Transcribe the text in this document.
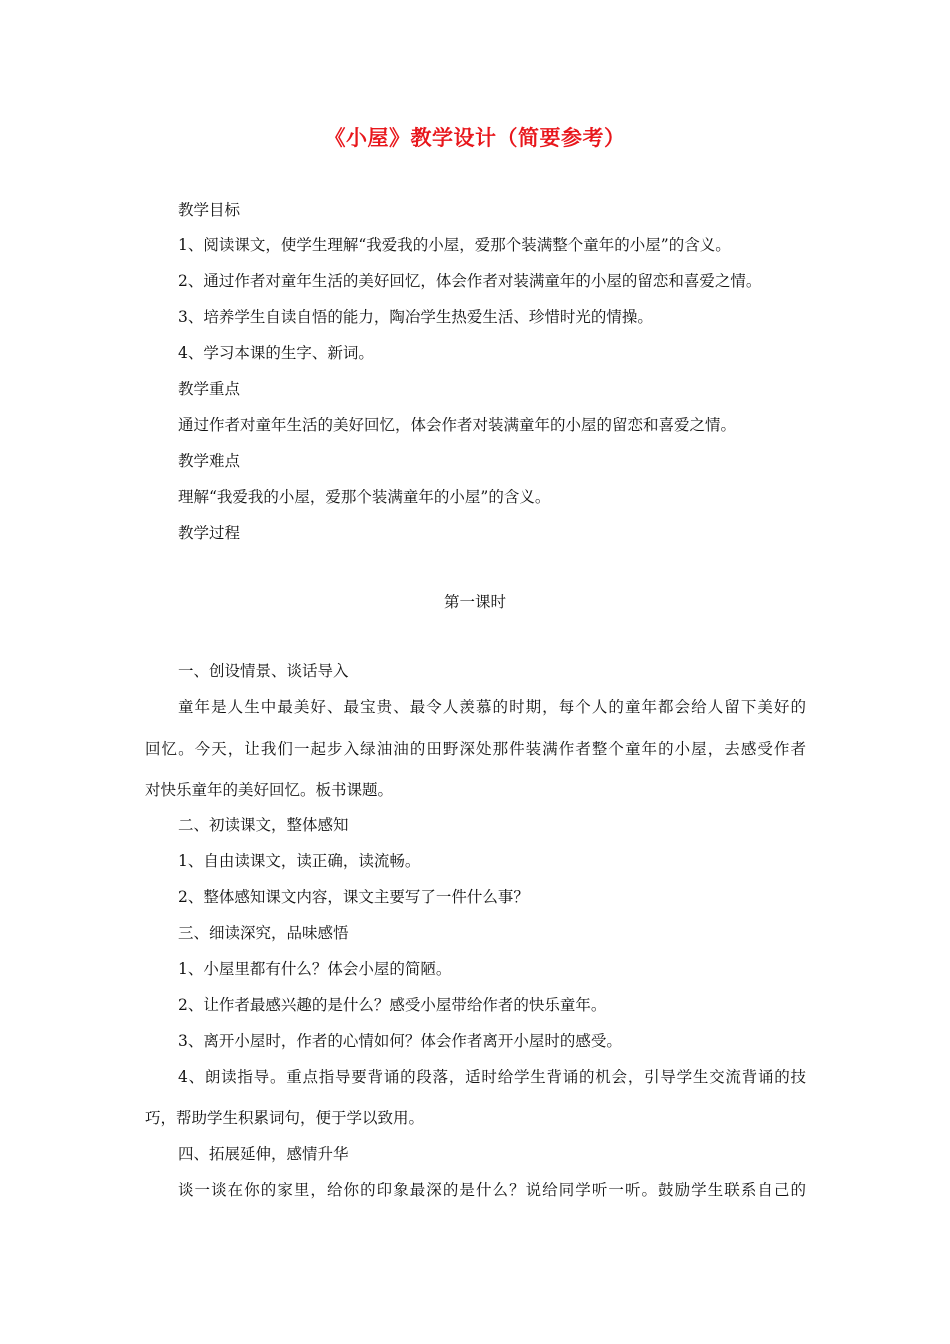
《小屋》教学设计（简要参考）
教学目标
1、阅读课文，使学生理解“我爱我的小屋，爱那个装满整个童年的小屋”的含义。
2、通过作者对童年生活的美好回忆，体会作者对装满童年的小屋的留恋和喜爱之情。
3、培养学生自读自悟的能力，陶冶学生热爱生活、珍惜时光的情操。
4、学习本课的生字、新词。
教学重点
通过作者对童年生活的美好回忆，体会作者对装满童年的小屋的留恋和喜爱之情。
教学难点
理解“我爱我的小屋，爱那个装满童年的小屋”的含义。
教学过程
第一课时
一、创设情景、谈话导入
童年是人生中最美好、最宝贵、最令人羡慕的时期，每个人的童年都会给人留下美好的
回忆。今天，让我们一起步入绿油油的田野深处那件装满作者整个童年的小屋，去感受作者
对快乐童年的美好回忆。板书课题。
二、初读课文，整体感知
1、自由读课文，读正确，读流畅。
2、整体感知课文内容，课文主要写了一件什么事？
三、细读深究，品味感悟
1、小屋里都有什么？体会小屋的简陋。
2、让作者最感兴趣的是什么？感受小屋带给作者的快乐童年。
3、离开小屋时，作者的心情如何？体会作者离开小屋时的感受。
4、朗读指导。重点指导要背诵的段落，适时给学生背诵的机会，引导学生交流背诵的技
巧，帮助学生积累词句，便于学以致用。
四、拓展延伸，感情升华
谈一谈在你的家里，给你的印象最深的是什么？说给同学听一听。鼓励学生联系自己的
